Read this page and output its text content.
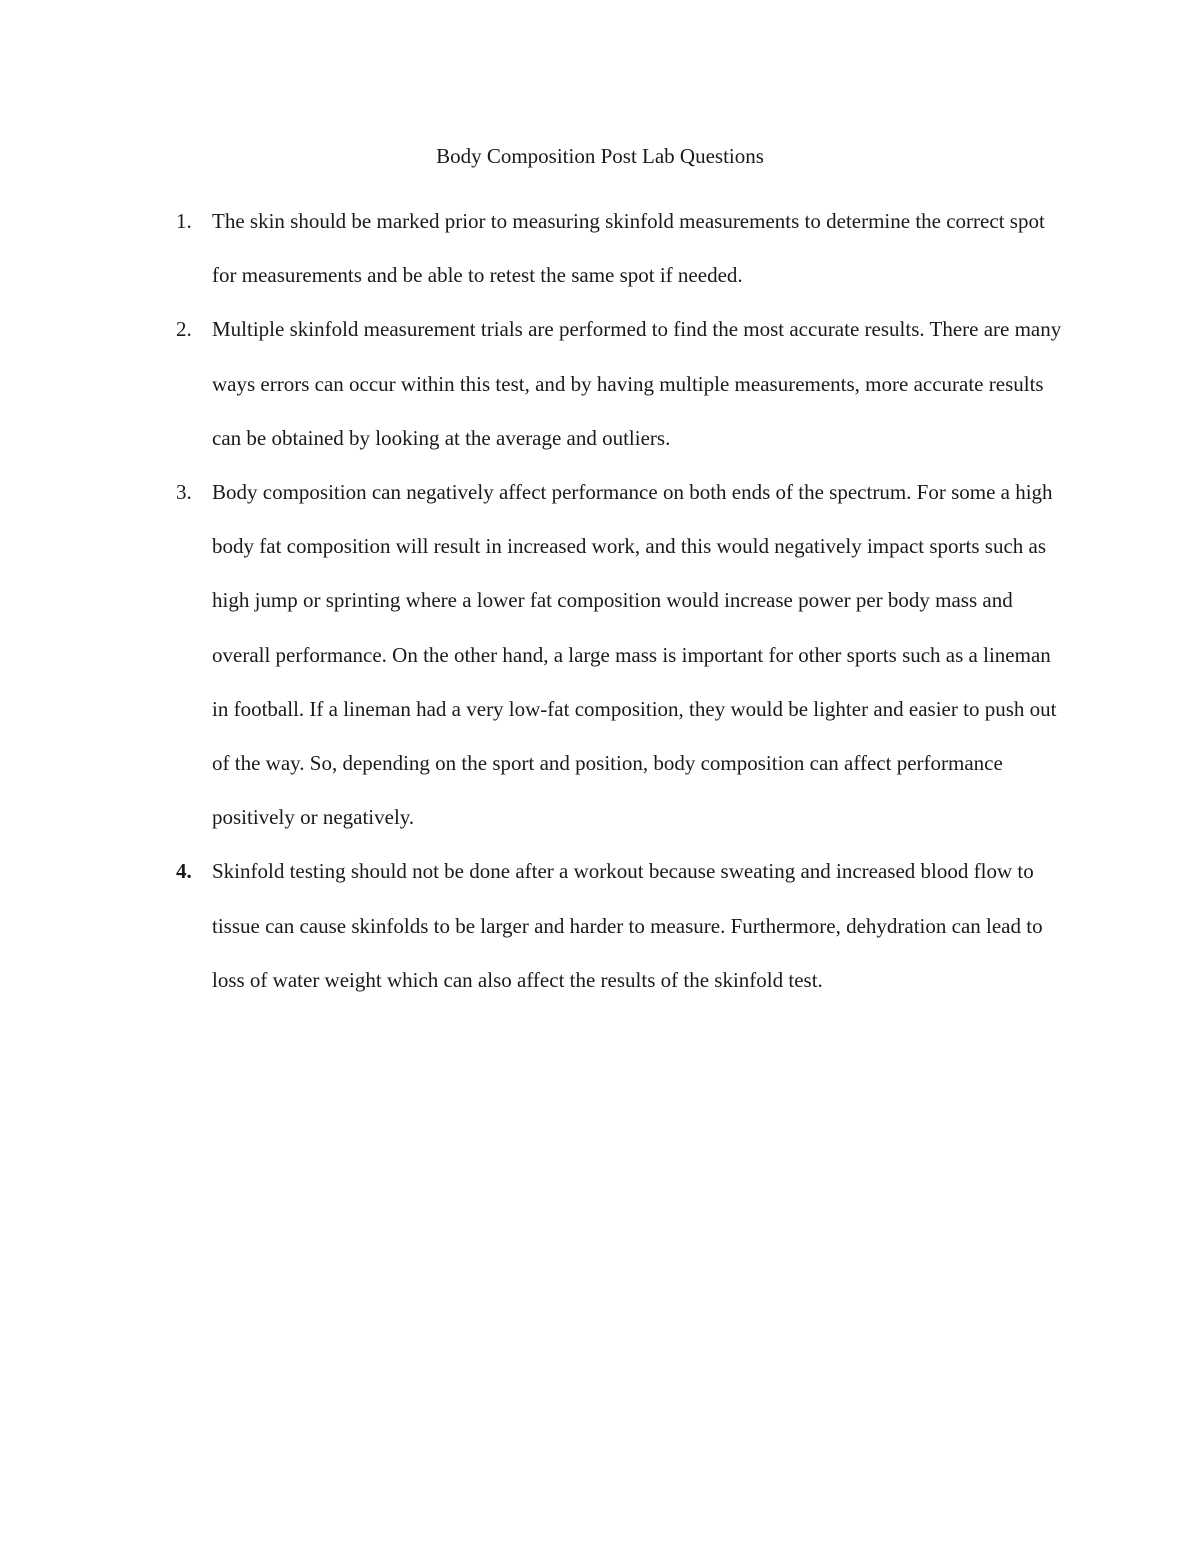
Body Composition Post Lab Questions
1. The skin should be marked prior to measuring skinfold measurements to determine the correct spot for measurements and be able to retest the same spot if needed.
2. Multiple skinfold measurement trials are performed to find the most accurate results. There are many ways errors can occur within this test, and by having multiple measurements, more accurate results can be obtained by looking at the average and outliers.
3. Body composition can negatively affect performance on both ends of the spectrum. For some a high body fat composition will result in increased work, and this would negatively impact sports such as high jump or sprinting where a lower fat composition would increase power per body mass and overall performance. On the other hand, a large mass is important for other sports such as a lineman in football. If a lineman had a very low-fat composition, they would be lighter and easier to push out of the way. So, depending on the sport and position, body composition can affect performance positively or negatively.
4. Skinfold testing should not be done after a workout because sweating and increased blood flow to tissue can cause skinfolds to be larger and harder to measure. Furthermore, dehydration can lead to loss of water weight which can also affect the results of the skinfold test.
